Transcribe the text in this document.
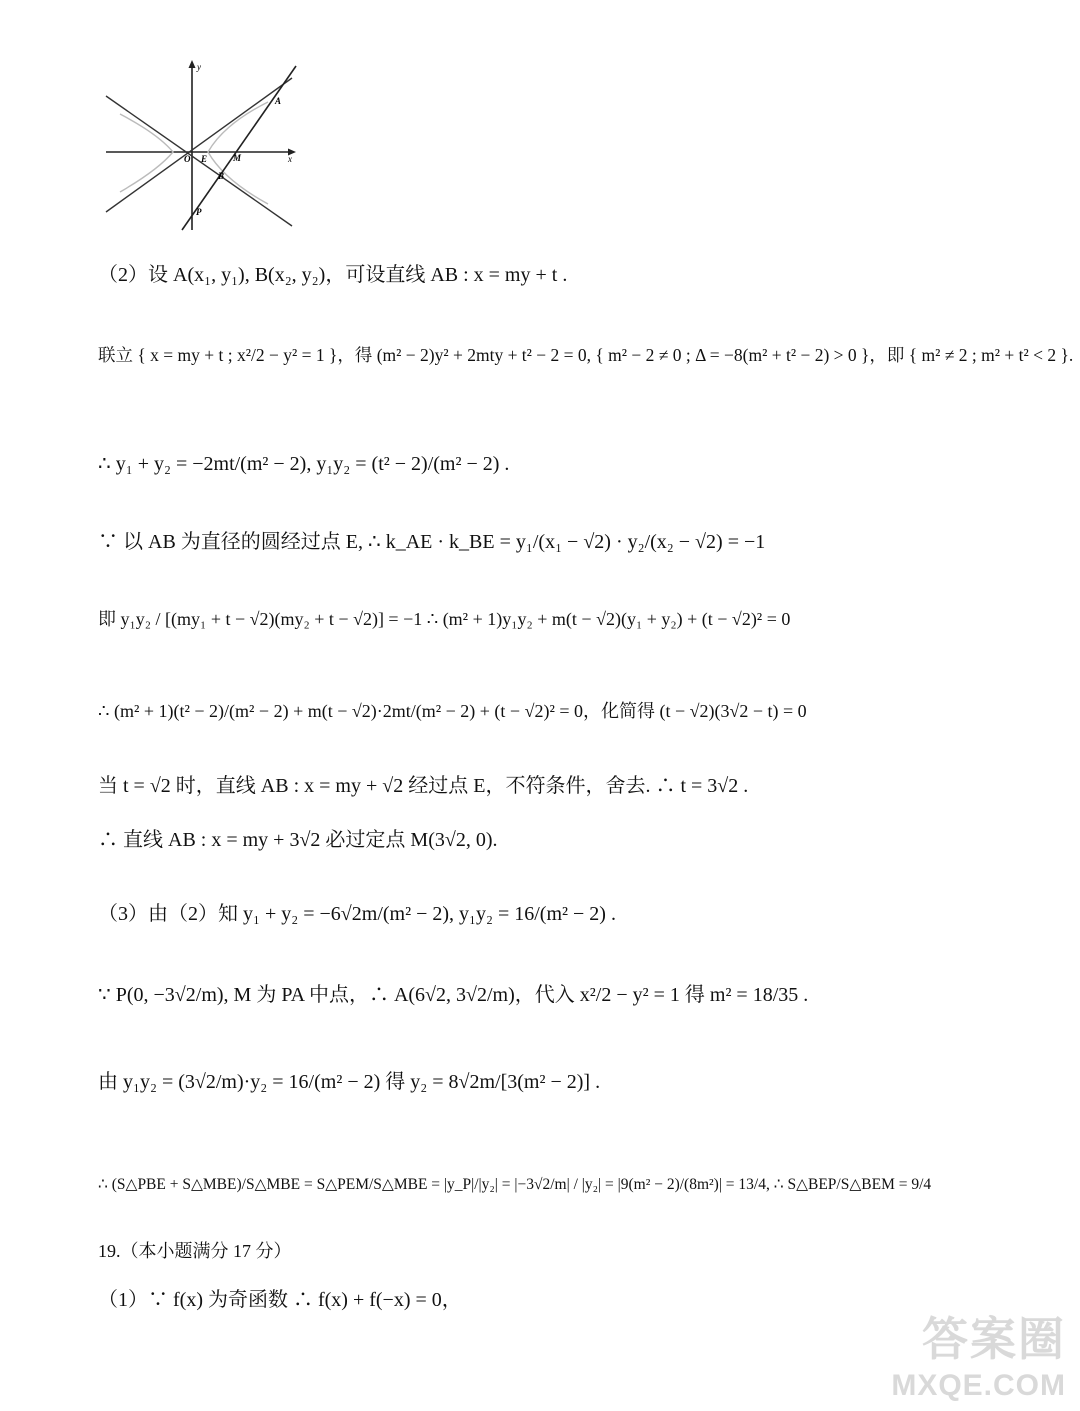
y
x
A
O E	M
B
P
（2）设 A(x₁, y₁), B(x₂, y₂)，可设直线 AB : x = my + t .
联立 { x = my + t ; x²/2 − y² = 1 }，得 (m² − 2)y² + 2mty + t² − 2 = 0, { m² − 2 ≠ 0 ; Δ = −8(m² + t² − 2) > 0 }，即 { m² ≠ 2 ; m² + t² < 2 }.
∴ y₁ + y₂ = −2mt/(m² − 2), y₁y₂ = (t² − 2)/(m² − 2) .
∵ 以 AB 为直径的圆经过点 E, ∴ k_AE · k_BE = y₁/(x₁ − √2) · y₂/(x₂ − √2) = −1
即 y₁y₂ / [(my₁ + t − √2)(my₂ + t − √2)] = −1 ∴ (m² + 1)y₁y₂ + m(t − √2)(y₁ + y₂) + (t − √2)² = 0
∴ (m² + 1)(t² − 2)/(m² − 2) + m(t − √2)·2mt/(m² − 2) + (t − √2)² = 0，化简得 (t − √2)(3√2 − t) = 0
当 t = √2 时，直线 AB : x = my + √2 经过点 E，不符条件，舍去. ∴ t = 3√2 .
∴ 直线 AB : x = my + 3√2 必过定点 M(3√2, 0).
（3）由（2）知 y₁ + y₂ = −6√2m/(m² − 2), y₁y₂ = 16/(m² − 2) .
∵ P(0, −3√2/m), M 为 PA 中点，∴ A(6√2, 3√2/m)，代入 x²/2 − y² = 1 得 m² = 18/35 .
由 y₁y₂ = (3√2/m)·y₂ = 16/(m² − 2) 得 y₂ = 8√2m/[3(m² − 2)] .
∴ (S△PBE + S△MBE)/S△MBE = S△PEM/S△MBE = |y_P|/|y₂| = |−3√2/m| / |y₂| = |9(m² − 2)/(8m²)| = 13/4, ∴ S△BEP/S△BEM = 9/4
19.（本小题满分 17 分）
（1）∵ f(x) 为奇函数 ∴ f(x) + f(−x) = 0，
答案圈
MXQE.COM
